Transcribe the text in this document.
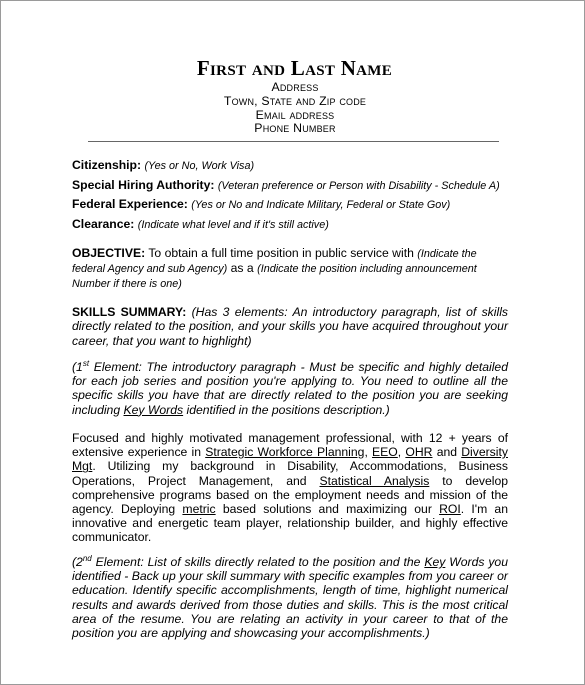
First and Last Name
Address
Town, State and Zip code
Email address
Phone Number
Citizenship: (Yes or No, Work Visa)
Special Hiring Authority: (Veteran preference or Person with Disability - Schedule A)
Federal Experience: (Yes or No and Indicate Military, Federal or State Gov)
Clearance: (Indicate what level and if it's still active)

OBJECTIVE: To obtain a full time position in public service with (Indicate the federal Agency and sub Agency) as a (Indicate the position including announcement Number if there is one)

SKILLS SUMMARY: (Has 3 elements: An introductory paragraph, list of skills directly related to the position, and your skills you have acquired throughout your career, that you want to highlight)

(1st Element: The introductory paragraph - Must be specific and highly detailed for each job series and position you're applying to. You need to outline all the specific skills you have that are directly related to the position you are seeking including Key Words identified in the positions description.)

Focused and highly motivated management professional, with 12 + years of extensive experience in Strategic Workforce Planning, EEO, OHR and Diversity Mgt. Utilizing my background in Disability, Accommodations, Business Operations, Project Management, and Statistical Analysis to develop comprehensive programs based on the employment needs and mission of the agency. Deploying metric based solutions and maximizing our ROI. I'm an innovative and energetic team player, relationship builder, and highly effective communicator.

(2nd Element: List of skills directly related to the position and the Key Words you identified - Back up your skill summary with specific examples from you career or education. Identify specific accomplishments, length of time, highlight numerical results and awards derived from those duties and skills. This is the most critical area of the resume. You are relating an activity in your career to that of the position you are applying and showcasing your accomplishments.)
